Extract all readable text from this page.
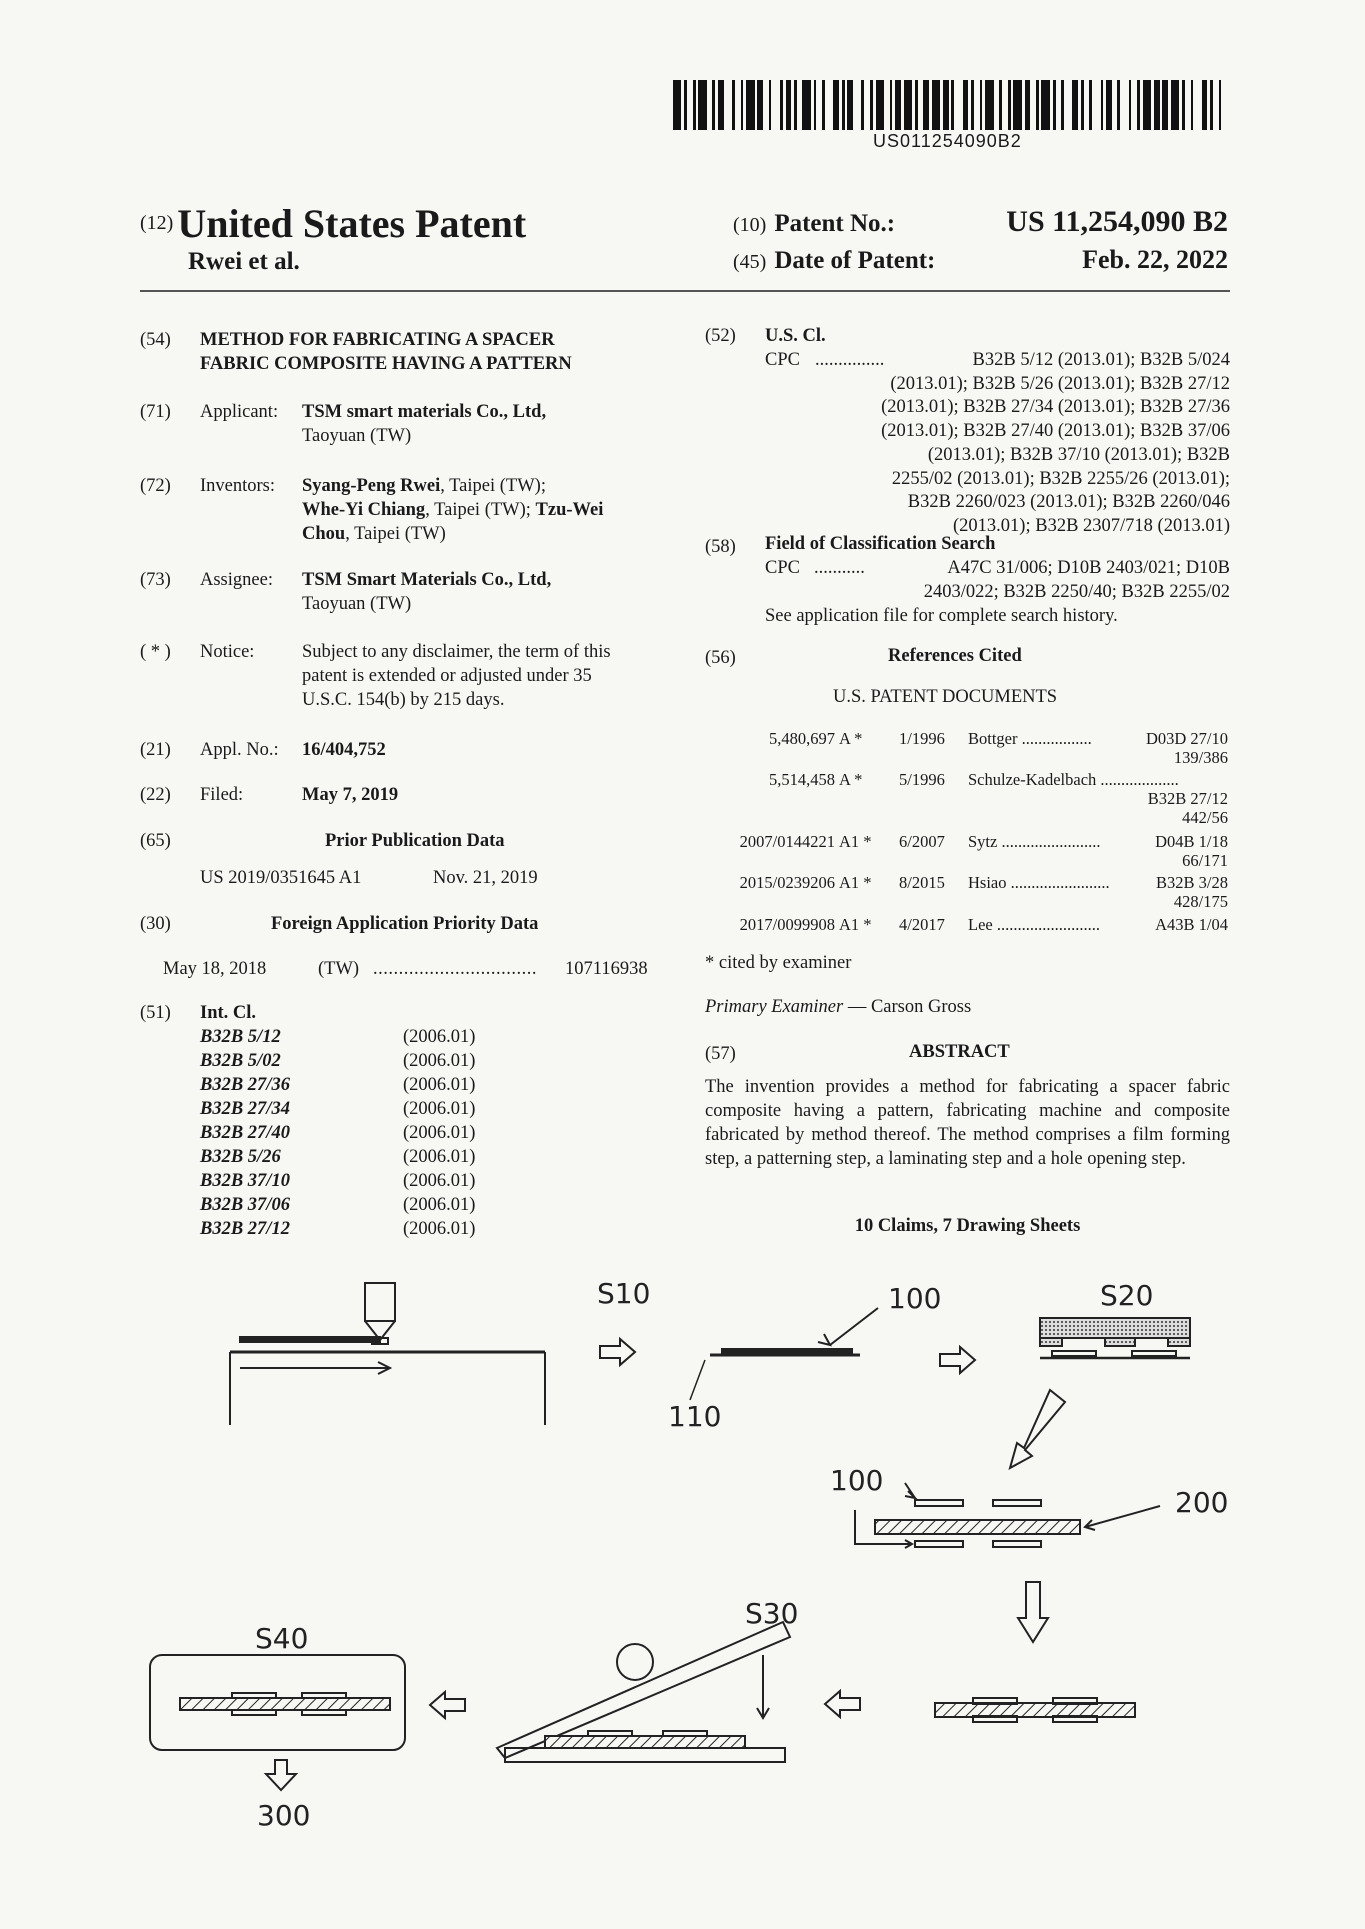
US011254090B2
(12) United States Patent
Rwei et al.
(10) Patent No.:	US 11,254,090 B2
(45) Date of Patent:	Feb. 22, 2022
(54) METHOD FOR FABRICATING A SPACER
FABRIC COMPOSITE HAVING A PATTERN
(71) Applicant: TSM smart materials Co., Ltd,
Taoyuan (TW)
(72) Inventors: Syang-Peng Rwei, Taipei (TW);
Whe-Yi Chiang, Taipei (TW); Tzu-Wei
Chou, Taipei (TW)
(73) Assignee: TSM Smart Materials Co., Ltd,
Taoyuan (TW)
( * ) Notice:	Subject to any disclaimer, the term of this
patent is extended or adjusted under 35
U.S.C. 154(b) by 215 days.
(21) Appl. No.: 16/404,752
(22) Filed:	May 7, 2019
(65)	Prior Publication Data
US 2019/0351645 A1	Nov. 21, 2019
(30)	Foreign Application Priority Data
May 18, 2018	(TW) ................................ 107116938
(51) Int. Cl.
B32B 5/12	(2006.01)
B32B 5/02	(2006.01)
B32B 27/36	(2006.01)
B32B 27/34	(2006.01)
B32B 27/40	(2006.01)
B32B 5/26	(2006.01)
B32B 37/10	(2006.01)
B32B 37/06	(2006.01)
B32B 27/12	(2006.01)
(52) U.S. Cl.
CPC ...............	B32B 5/12 (2013.01); B32B 5/024
(2013.01); B32B 5/26 (2013.01); B32B 27/12
(2013.01); B32B 27/34 (2013.01); B32B 27/36
(2013.01); B32B 27/40 (2013.01); B32B 37/06
(2013.01); B32B 37/10 (2013.01); B32B
2255/02 (2013.01); B32B 2255/26 (2013.01);
B32B 2260/023 (2013.01); B32B 2260/046
(2013.01); B32B 2307/718 (2013.01)
(58) Field of Classification Search
CPC ...........	A47C 31/006; D10B 2403/021; D10B
2403/022; B32B 2250/40; B32B 2255/02
See application file for complete search history.
(56)	References Cited
U.S. PATENT DOCUMENTS
5,480,697 A * 1/1996 Bottger .................	D03D 27/10
139/386
5,514,458 A * 5/1996 Schulze-Kadelbach ...................
B32B 27/12
442/56
2007/0144221 A1 * 6/2007 Sytz ........................	D04B 1/18
66/171
2015/0239206 A1 * 8/2015 Hsiao ........................	B32B 3/28
428/175
2017/0099908 A1 * 4/2017 Lee .........................	A43B 1/04
* cited by examiner
Primary Examiner — Carson Gross
(57)	ABSTRACT
The invention provides a method for fabricating a spacer fabric composite having a pattern, fabricating machine and composite fabricated by method thereof. The method comprises a film forming step, a patterning step, a laminating step and a hole opening step.
10 Claims, 7 Drawing Sheets
S10	100
110
S20
100
200
S30
S40
300
